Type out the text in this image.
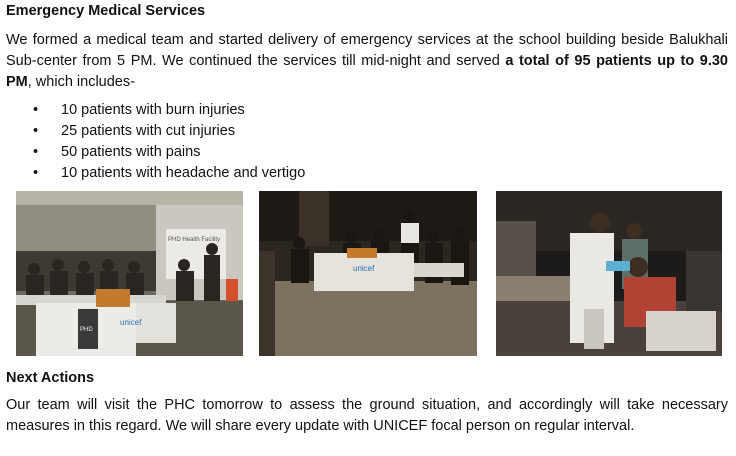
Emergency Medical Services

We formed a medical team and started delivery of emergency services at the school building beside Balukhali Sub-center from 5 PM. We continued the services till mid-night and served a total of 95 patients up to 9.30 PM, which includes-

• 10 patients with burn injuries
• 25 patients with cut injuries
• 50 patients with pains
• 10 patients with headache and vertigo
PHD Health Facility
PHD
unicef
unicef
Next Actions

Our team will visit the PHC tomorrow to assess the ground situation, and accordingly will take necessary measures in this regard. We will share every update with UNICEF focal person on regular interval.
